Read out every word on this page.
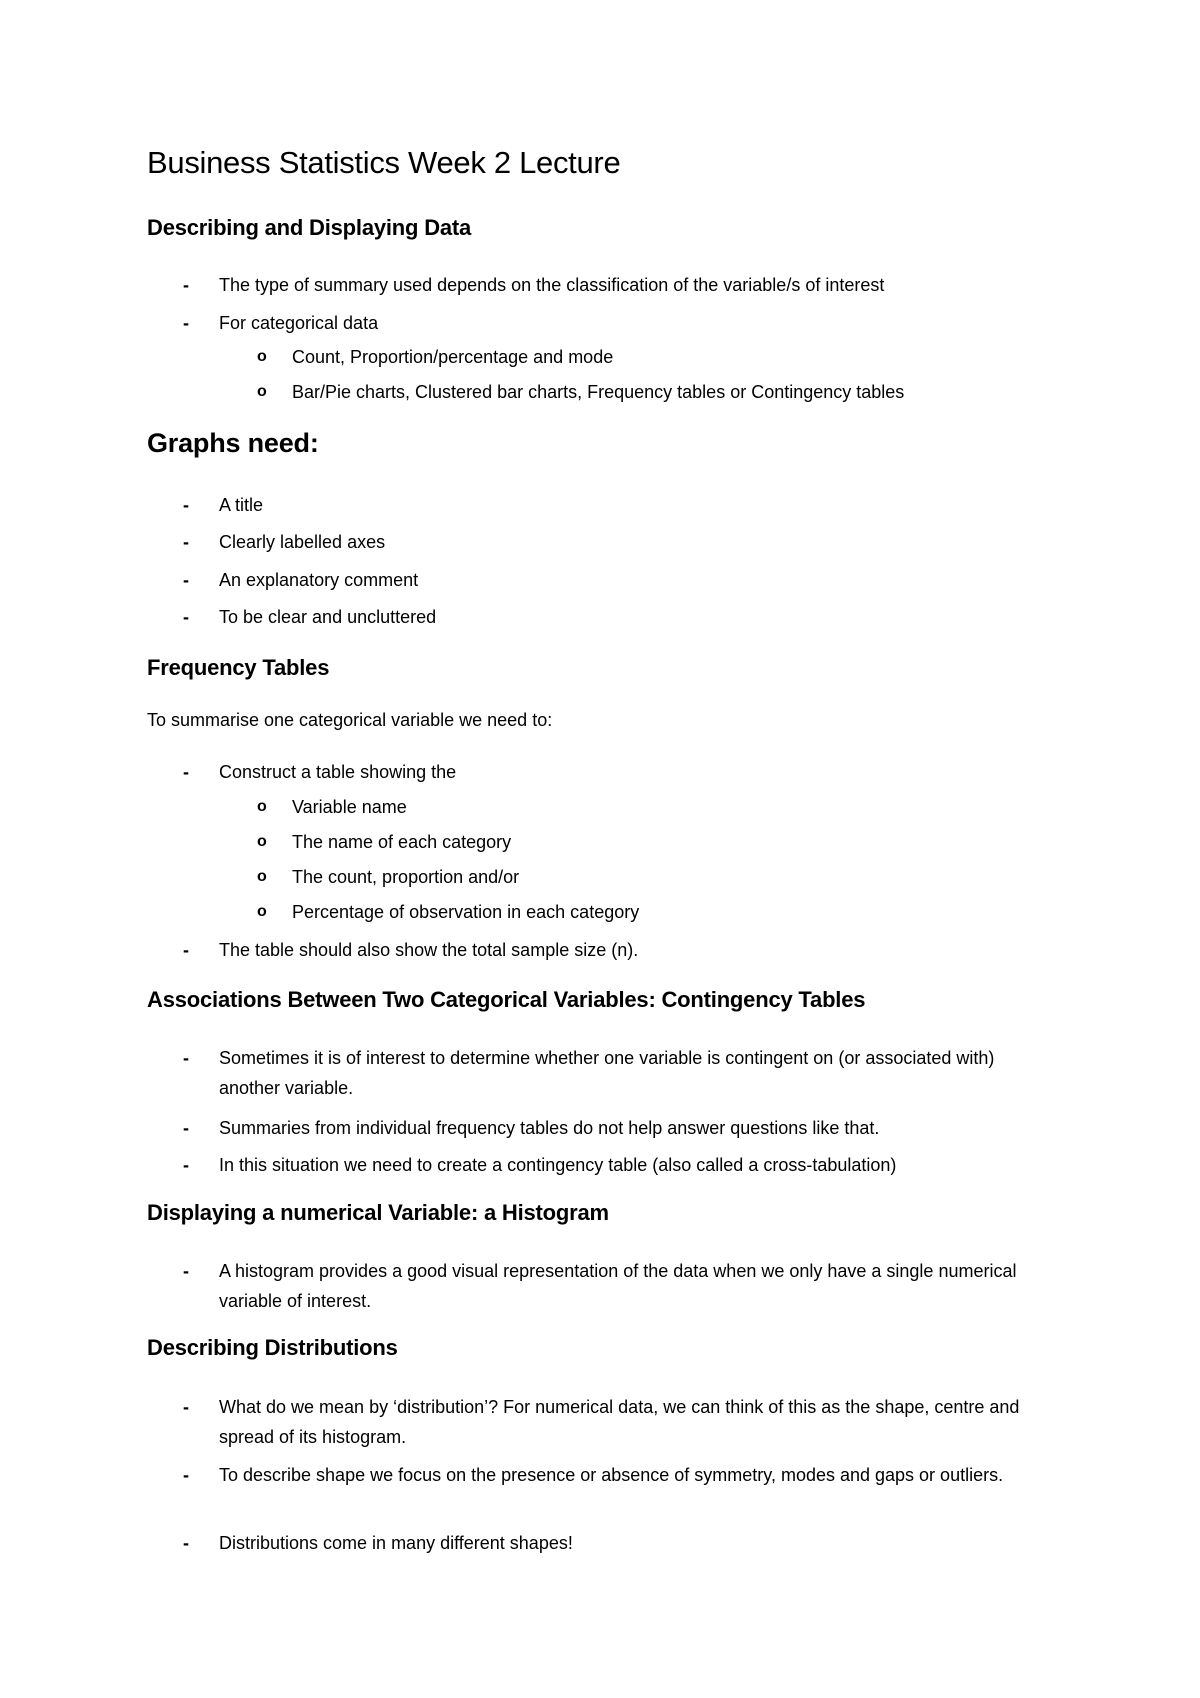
Business Statistics Week 2 Lecture
Describing and Displaying Data
- The type of summary used depends on the classification of the variable/s of interest
- For categorical data
o Count, Proportion/percentage and mode
o Bar/Pie charts, Clustered bar charts, Frequency tables or Contingency tables
Graphs need:
- A title
- Clearly labelled axes
- An explanatory comment
- To be clear and uncluttered
Frequency Tables
To summarise one categorical variable we need to:
- Construct a table showing the
o Variable name
o The name of each category
o The count, proportion and/or
o Percentage of observation in each category
- The table should also show the total sample size (n).
Associations Between Two Categorical Variables: Contingency Tables
- Sometimes it is of interest to determine whether one variable is contingent on (or associated with) another variable.
- Summaries from individual frequency tables do not help answer questions like that.
- In this situation we need to create a contingency table (also called a cross-tabulation)
Displaying a numerical Variable: a Histogram
- A histogram provides a good visual representation of the data when we only have a single numerical variable of interest.
Describing Distributions
- What do we mean by ‘distribution’? For numerical data, we can think of this as the shape, centre and spread of its histogram.
- To describe shape we focus on the presence or absence of symmetry, modes and gaps or outliers.
- Distributions come in many different shapes!
